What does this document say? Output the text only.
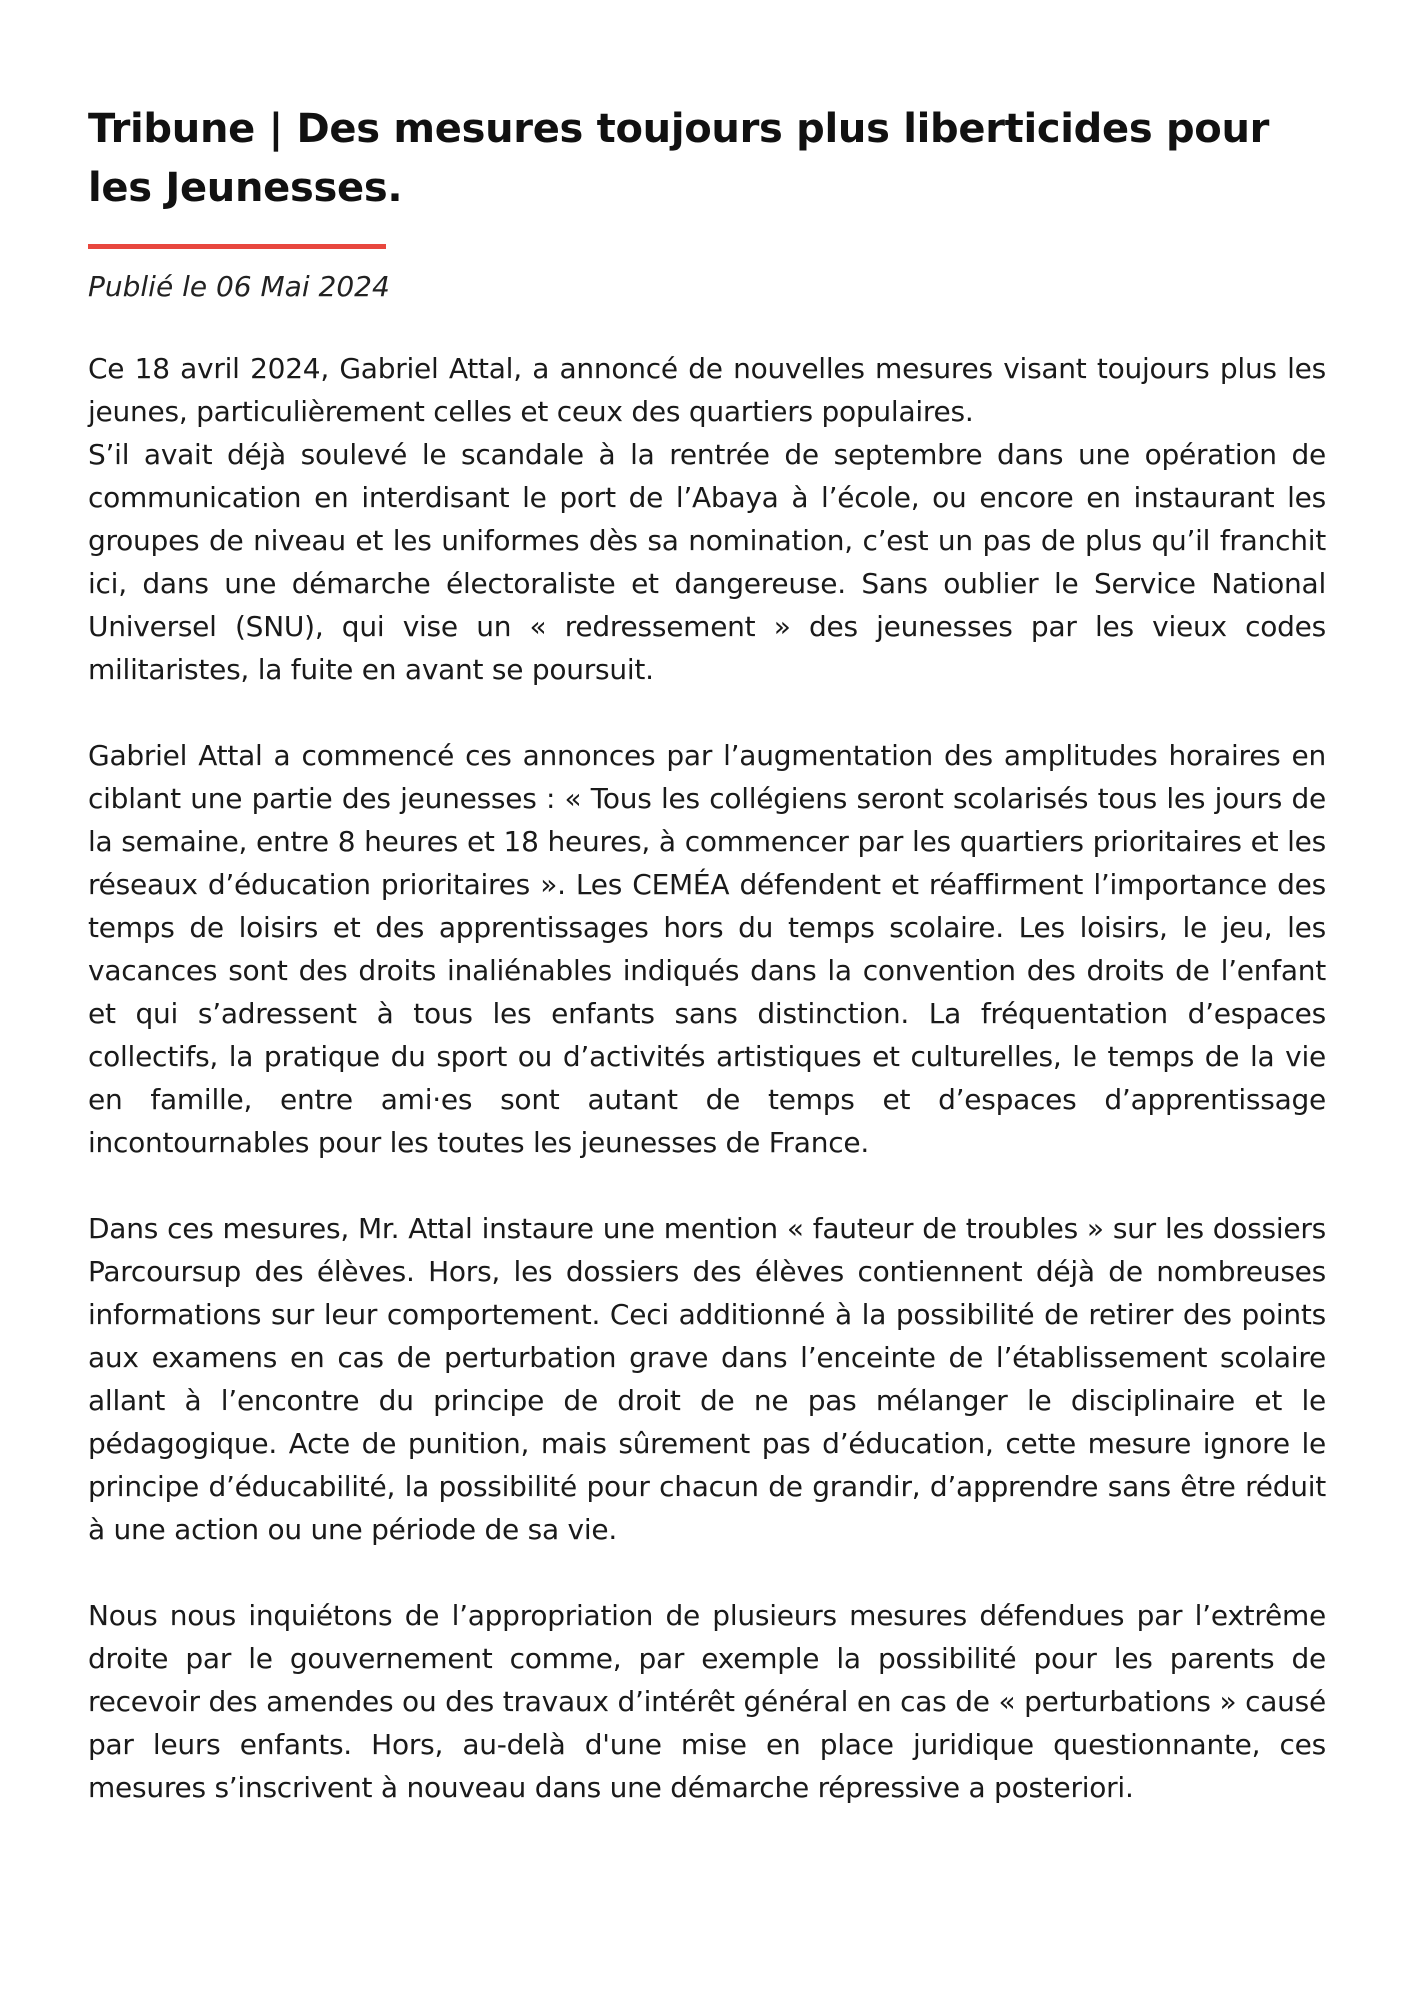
Tribune | Des mesures toujours plus liberticides pour les Jeunesses.

Publié le 06 Mai 2024

Ce 18 avril 2024, Gabriel Attal, a annoncé de nouvelles mesures visant toujours plus les jeunes, particulièrement celles et ceux des quartiers populaires.
S’il avait déjà soulevé le scandale à la rentrée de septembre dans une opération de communication en interdisant le port de l’Abaya à l’école, ou encore en instaurant les groupes de niveau et les uniformes dès sa nomination, c’est un pas de plus qu’il franchit ici, dans une démarche électoraliste et dangereuse. Sans oublier le Service National Universel (SNU), qui vise un « redressement » des jeunesses par les vieux codes militaristes, la fuite en avant se poursuit.

Gabriel Attal a commencé ces annonces par l’augmentation des amplitudes horaires en ciblant une partie des jeunesses : « Tous les collégiens seront scolarisés tous les jours de la semaine, entre 8 heures et 18 heures, à commencer par les quartiers prioritaires et les réseaux d’éducation prioritaires ». Les CEMÉA défendent et réaffirment l’importance des temps de loisirs et des apprentissages hors du temps scolaire. Les loisirs, le jeu, les vacances sont des droits inaliénables indiqués dans la convention des droits de l’enfant et qui s’adressent à tous les enfants sans distinction. La fréquentation d’espaces collectifs, la pratique du sport ou d’activités artistiques et culturelles, le temps de la vie en famille, entre ami·es sont autant de temps et d’espaces d’apprentissage incontournables pour les toutes les jeunesses de France.

Dans ces mesures, Mr. Attal instaure une mention « fauteur de troubles » sur les dossiers Parcoursup des élèves. Hors, les dossiers des élèves contiennent déjà de nombreuses informations sur leur comportement. Ceci additionné à la possibilité de retirer des points aux examens en cas de perturbation grave dans l’enceinte de l’établissement scolaire allant à l’encontre du principe de droit de ne pas mélanger le disciplinaire et le pédagogique. Acte de punition, mais sûrement pas d’éducation, cette mesure ignore le principe d’éducabilité, la possibilité pour chacun de grandir, d’apprendre sans être réduit à une action ou une période de sa vie.

Nous nous inquiétons de l’appropriation de plusieurs mesures défendues par l’extrême droite par le gouvernement comme, par exemple la possibilité pour les parents de recevoir des amendes ou des travaux d’intérêt général en cas de « perturbations » causé par leurs enfants. Hors, au-delà d'une mise en place juridique questionnante, ces mesures s’inscrivent à nouveau dans une démarche répressive a posteriori.
